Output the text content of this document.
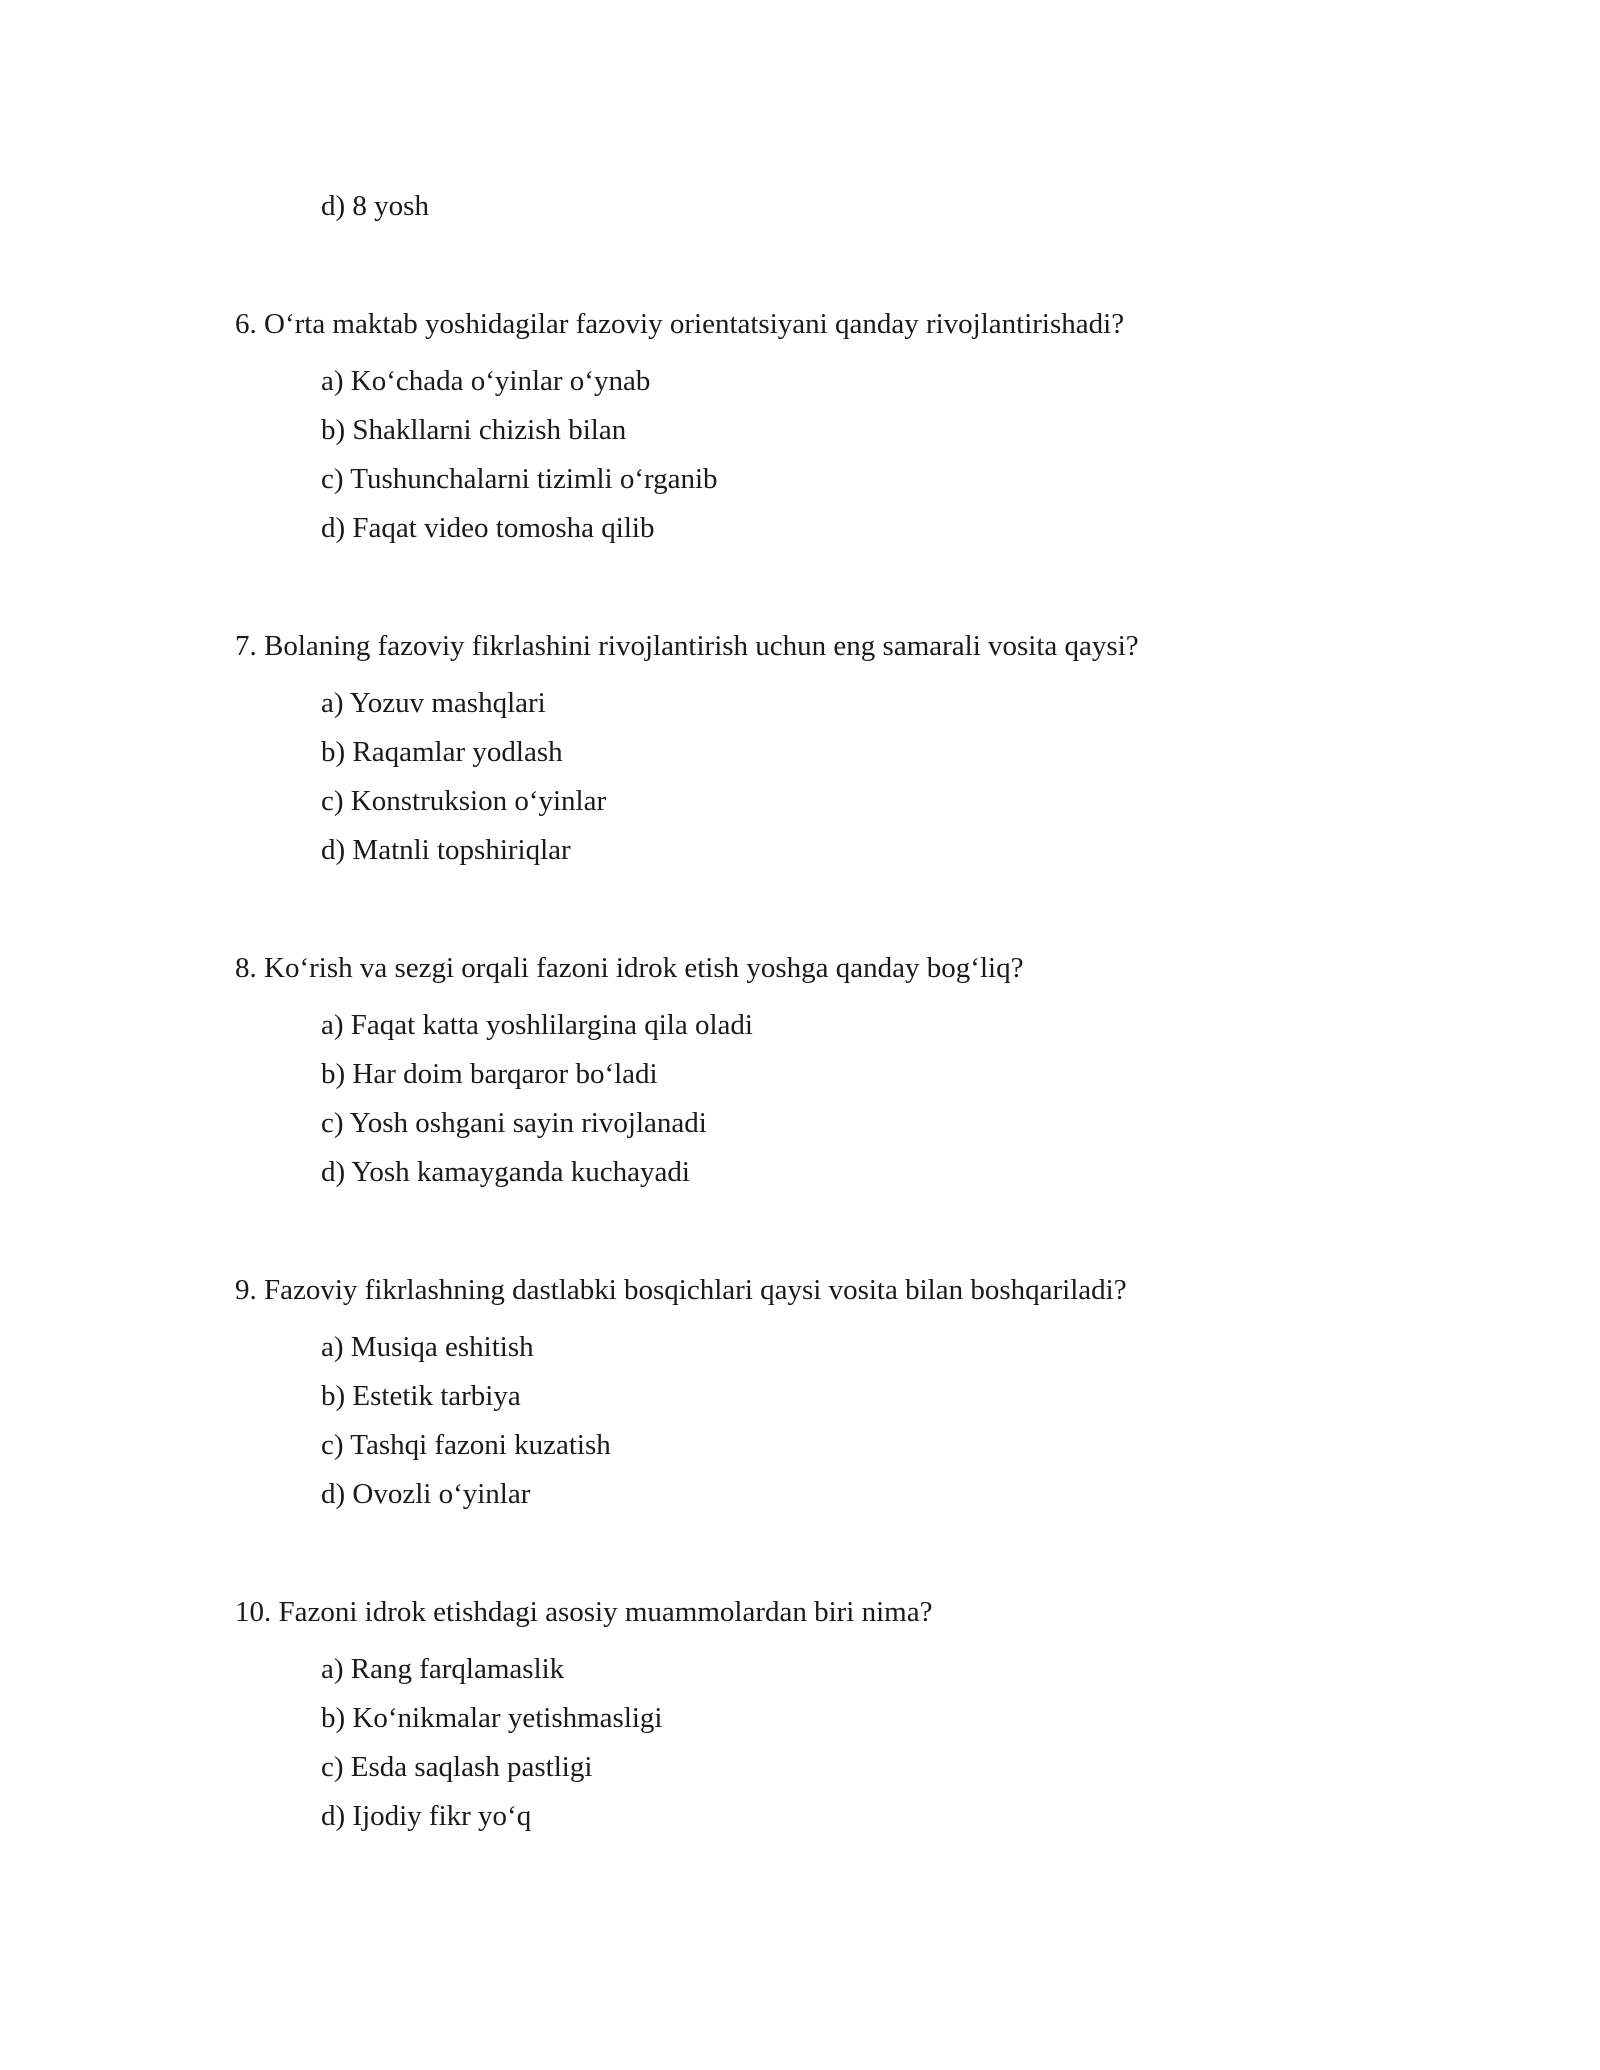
d) 8 yosh
6. O‘rta maktab yoshidagilar fazoviy orientatsiyani qanday rivojlantirishadi?
a) Ko‘chada o‘yinlar o‘ynab
b) Shakllarni chizish bilan
c) Tushunchalarni tizimli o‘rganib
d) Faqat video tomosha qilib
7. Bolaning fazoviy fikrlashini rivojlantirish uchun eng samarali vosita qaysi?
a) Yozuv mashqlari
b) Raqamlar yodlash
c) Konstruksion o‘yinlar
d) Matnli topshiriqlar
8. Ko‘rish va sezgi orqali fazoni idrok etish yoshga qanday bog‘liq?
a) Faqat katta yoshlilargina qila oladi
b) Har doim barqaror bo‘ladi
c) Yosh oshgani sayin rivojlanadi
d) Yosh kamayganda kuchayadi
9. Fazoviy fikrlashning dastlabki bosqichlari qaysi vosita bilan boshqariladi?
a) Musiqa eshitish
b) Estetik tarbiya
c) Tashqi fazoni kuzatish
d) Ovozli o‘yinlar
10. Fazoni idrok etishdagi asosiy muammolardan biri nima?
a) Rang farqlamaslik
b) Ko‘nikmalar yetishmasligi
c) Esda saqlash pastligi
d) Ijodiy fikr yo‘q
